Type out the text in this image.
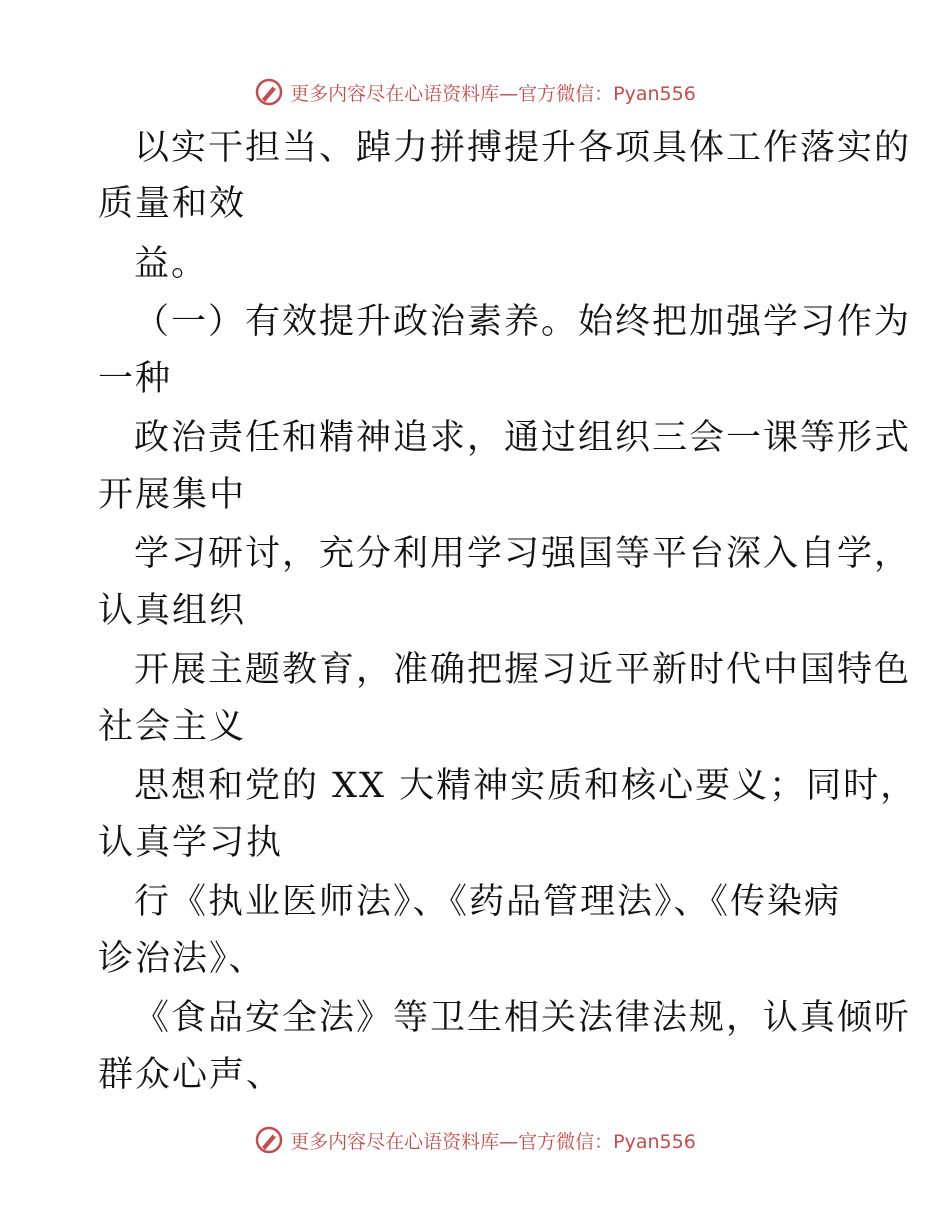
更多内容尽在心语资料库—官方微信：Pyan556
以实干担当、踔力拼搏提升各项具体工作落实的
质量和效
益。
（一）有效提升政治素养。始终把加强学习作为
一种
政治责任和精神追求，通过组织三会一课等形式
开展集中
学习研讨，充分利用学习强国等平台深入自学，
认真组织
开展主题教育，准确把握习近平新时代中国特色
社会主义
思想和党的 XX 大精神实质和核心要义；同时，
认真学习执
行《执业医师法》、《药品管理法》、《传染病
诊治法》、
《食品安全法》等卫生相关法律法规，认真倾听
群众心声、
更多内容尽在心语资料库—官方微信：Pyan556
